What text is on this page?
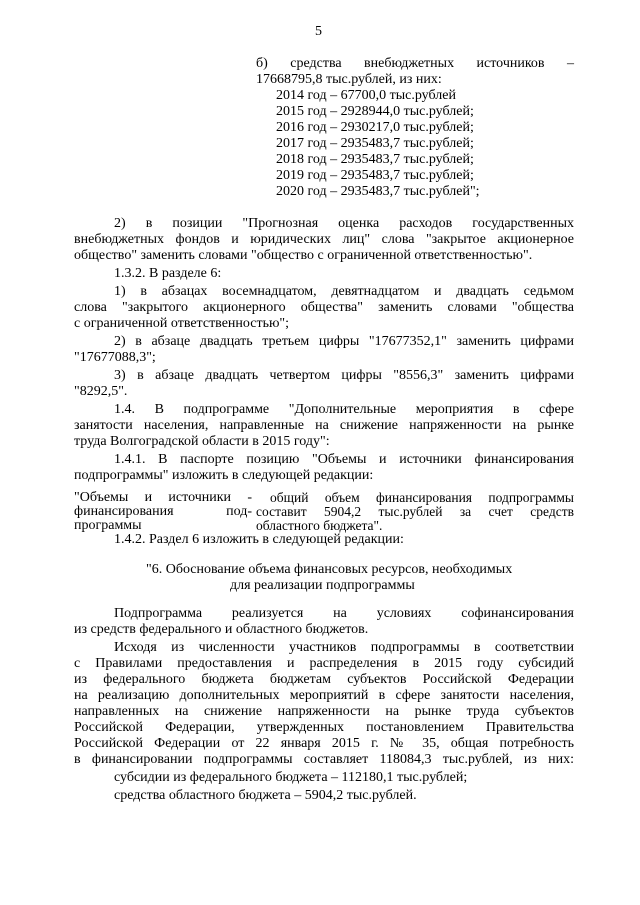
5
б) средства внебюджетных источников –
17668795,8 тыс.рублей, из них:
2014 год – 67700,0 тыс.рублей
2015 год – 2928944,0 тыс.рублей;
2016 год – 2930217,0 тыс.рублей;
2017 год – 2935483,7 тыс.рублей;
2018 год – 2935483,7 тыс.рублей;
2019 год – 2935483,7 тыс.рублей;
2020 год – 2935483,7 тыс.рублей";
2) в позиции "Прогнозная оценка расходов государственных
внебюджетных фондов и юридических лиц" слова "закрытое акционерное
общество" заменить словами "общество с ограниченной ответственностью".
1.3.2. В разделе 6:
1) в абзацах восемнадцатом, девятнадцатом и двадцать седьмом
слова "закрытого акционерного общества" заменить словами "общества
с ограниченной ответственностью";
2) в абзаце двадцать третьем цифры "17677352,1" заменить цифрами
"17677088,3";
3) в абзаце двадцать четвертом цифры "8556,3" заменить цифрами
"8292,5".
1.4. В подпрограмме "Дополнительные мероприятия в сфере
занятости населения, направленные на снижение напряженности на рынке
труда Волгоградской области в 2015 году":
1.4.1. В паспорте позицию "Объемы и источники финансирования
подпрограммы" изложить в следующей редакции:
"Объемы и источники -
финансирования под-
программы
общий объем финансирования подпрограммы
составит 5904,2 тыс.рублей за счет средств
областного бюджета".
1.4.2. Раздел 6 изложить в следующей редакции:
"6. Обоснование объема финансовых ресурсов, необходимых
для реализации подпрограммы
Подпрограмма реализуется на условиях софинансирования
из средств федерального и областного бюджетов.
Исходя из численности участников подпрограммы в соответствии
с Правилами предоставления и распределения в 2015 году субсидий
из федерального бюджета бюджетам субъектов Российской Федерации
на реализацию дополнительных мероприятий в сфере занятости населения,
направленных на снижение напряженности на рынке труда субъектов
Российской Федерации, утвержденных постановлением Правительства
Российской Федерации от 22 января 2015 г. № 35, общая потребность
в финансировании подпрограммы составляет 118084,3 тыс.рублей, из них:
субсидии из федерального бюджета – 112180,1 тыс.рублей;
средства областного бюджета – 5904,2 тыс.рублей.
